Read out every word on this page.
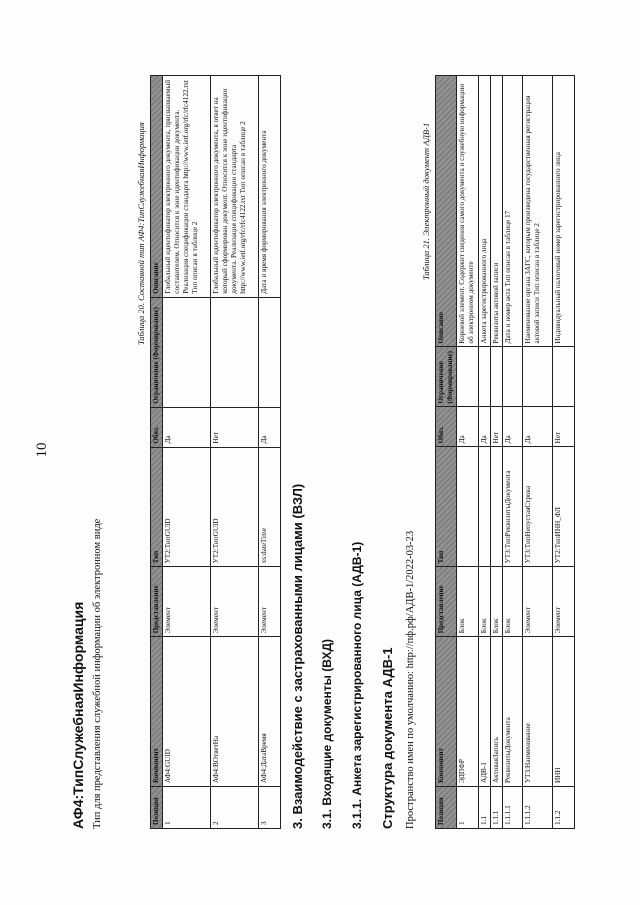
10
АФ4:ТипСлужебнаяИнформация Тип для представления служебной информации об электронном виде
Таблица 20. Составной тип АФ4:ТипСлужебнаяИнформация
Позиция	Компонент	Представление	Тип	Обяз.	Ограничение (Формирование)	Описание
1	АФ4:GUID	Элемент	УТ2:ТипGUID	Да		Глобальный идентификатор электронного документа, присваиваемый составителем. Относится к зоне идентификации документа. Реализация спецификации стандарта http://www.ietf.org/rfc/rfc4122.txt Тип описан в таблице 2
2	АФ4:ВОтветНа	Элемент	УТ2:ТипGUID	Нет		Глобальный идентификатор электронного документа, в ответ на который сформирован документ. Относится к зоне идентификации документа. Реализация спецификации стандарта http://www.ietf.org/rfc/rfc4122.txt Тип описан в таблице 2
3	АФ4:ДатаВремя	Элемент	xs:dateTime	Да		Дата и время формирования электронного документа
3. Взаимодействие с застрахованными лицами (ВЗЛ) 3.1. Входящие документы (ВХД) 3.1.1. Анкета зарегистрированного лица (АДВ-1) Структура документа АДВ-1 Пространство имен по умолчанию: http://пф.рф/АДВ-1/2022-03-23
Таблица 21. Электронный документ АДВ-1
Позиция	Компонент	Представление	Тип	Обяз.	Ограничение (Формирование)	Описание
1	ЭДПФР	Блок		Да		Корневой элемент. Содержит сведения самого документа и служебную информацию об электронном документе
1.1	АДВ-1	Блок		Да		Анкета зарегистрированного лица
1.1.1	АктоваяЗапись	Блок		Нет		Реквизиты актовой записи
1.1.1.1	РеквизитыДокумента	Блок	УТ3:ТипРеквизитыДокумента	Да		Дата и номер акта Тип описан в таблице 17
1.1.1.2	УТ3:Наименование	Элемент	УТ3:ТипНепустаяСтрока	Да		Наименование органа ЗАГС, которым произведена государственная регистрация актовой записи Тип описан в таблице 2
1.1.2	ИНН	Элемент	УТ2:ТипИНН_ФЛ	Нет		Индивидуальный налоговый номер зарегистрированного лица
